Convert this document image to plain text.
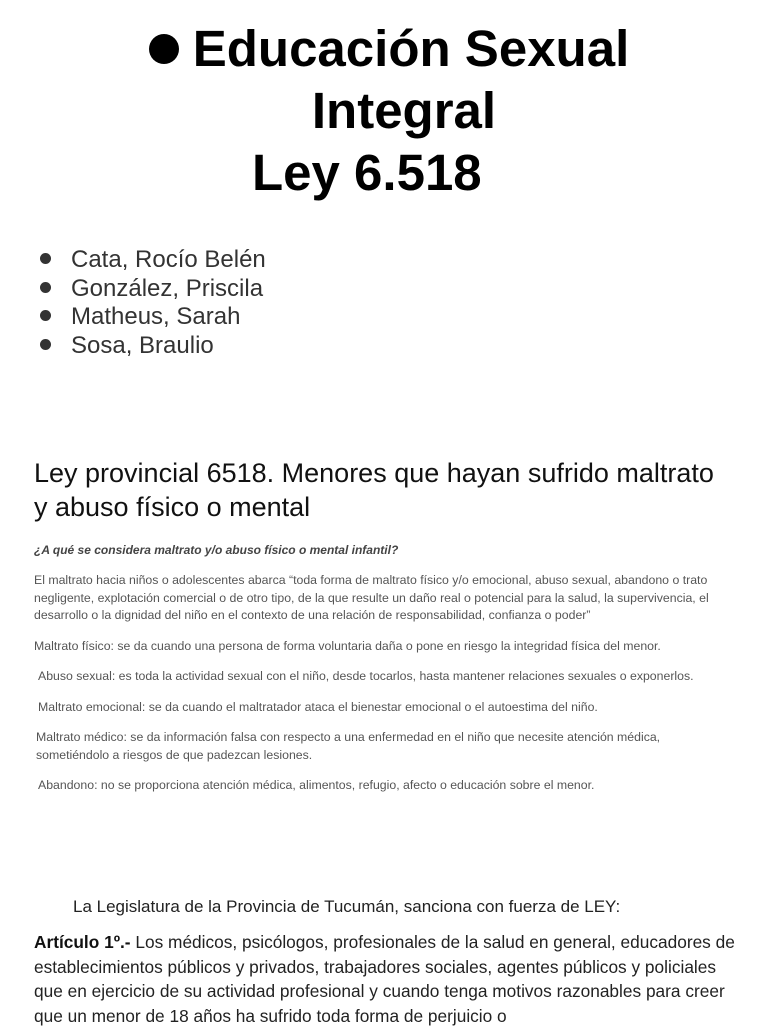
Educación Sexual
Integral
Ley 6.518
Cata, Rocío Belén
González, Priscila
Matheus, Sarah
Sosa, Braulio
Ley provincial 6518. Menores que hayan sufrido maltrato y abuso físico o mental
¿A qué se considera maltrato y/o abuso físico o mental infantil?
El maltrato hacia niños o adolescentes abarca “toda forma de maltrato físico y/o emocional, abuso sexual, abandono o trato negligente, explotación comercial o de otro tipo, de la que resulte un daño real o potencial para la salud, la supervivencia, el desarrollo o la dignidad del niño en el contexto de una relación de responsabilidad, confianza o poder”
Maltrato físico: se da cuando una persona de forma voluntaria daña o pone en riesgo la integridad física del menor.
Abuso sexual: es toda la actividad sexual con el niño, desde tocarlos, hasta mantener relaciones sexuales o exponerlos.
Maltrato emocional: se da cuando el maltratador ataca el bienestar emocional o el autoestima del niño.
Maltrato médico: se da información falsa con respecto a una enfermedad en el niño que necesite atención médica, sometiéndolo a riesgos de que padezcan lesiones.
Abandono: no se proporciona atención médica, alimentos, refugio, afecto o educación sobre el menor.
La Legislatura de la Provincia de Tucumán, sanciona con fuerza de LEY:
Artículo 1º.- Los médicos, psicólogos, profesionales de la salud en general, educadores de establecimientos públicos y privados, trabajadores sociales, agentes públicos y policiales que en ejercicio de su actividad profesional y cuando tenga motivos razonables para creer que un menor de 18 años ha sufrido toda forma de perjuicio o
